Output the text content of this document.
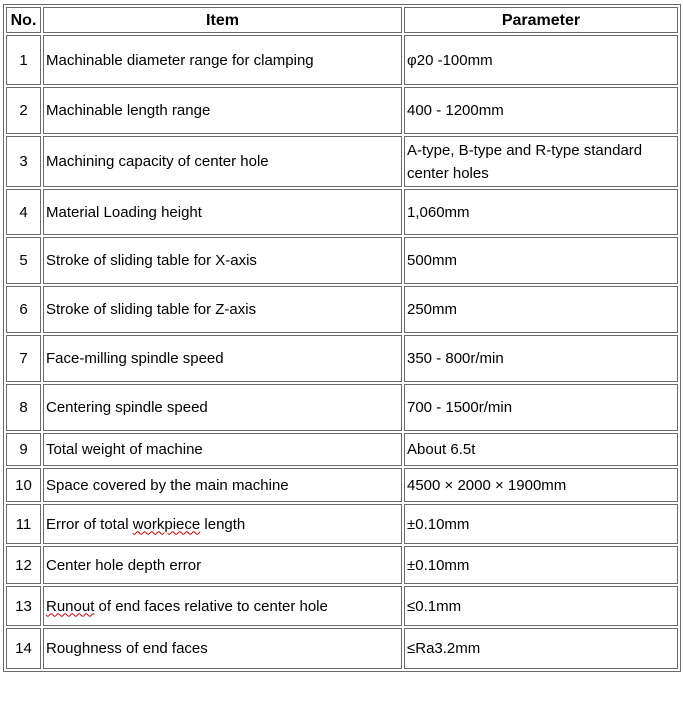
No.	Item	Parameter
1	Machinable diameter range for clamping	φ20 -100mm
2	Machinable length range	400 - 1200mm
3	Machining capacity of center hole	A-type, B-type and R-type standard center holes
4	Material Loading height	1,060mm
5	Stroke of sliding table for X-axis	500mm
6	Stroke of sliding table for Z-axis	250mm
7	Face-milling spindle speed	350 - 800r/min
8	Centering spindle speed	700 - 1500r/min
9	Total weight of machine	About 6.5t
10	Space covered by the main machine	4500 × 2000 × 1900mm
11	Error of total workpiece length	±0.10mm
12	Center hole depth error	±0.10mm
13	Runout of end faces relative to center hole	≤0.1mm
14	Roughness of end faces	≤Ra3.2mm
